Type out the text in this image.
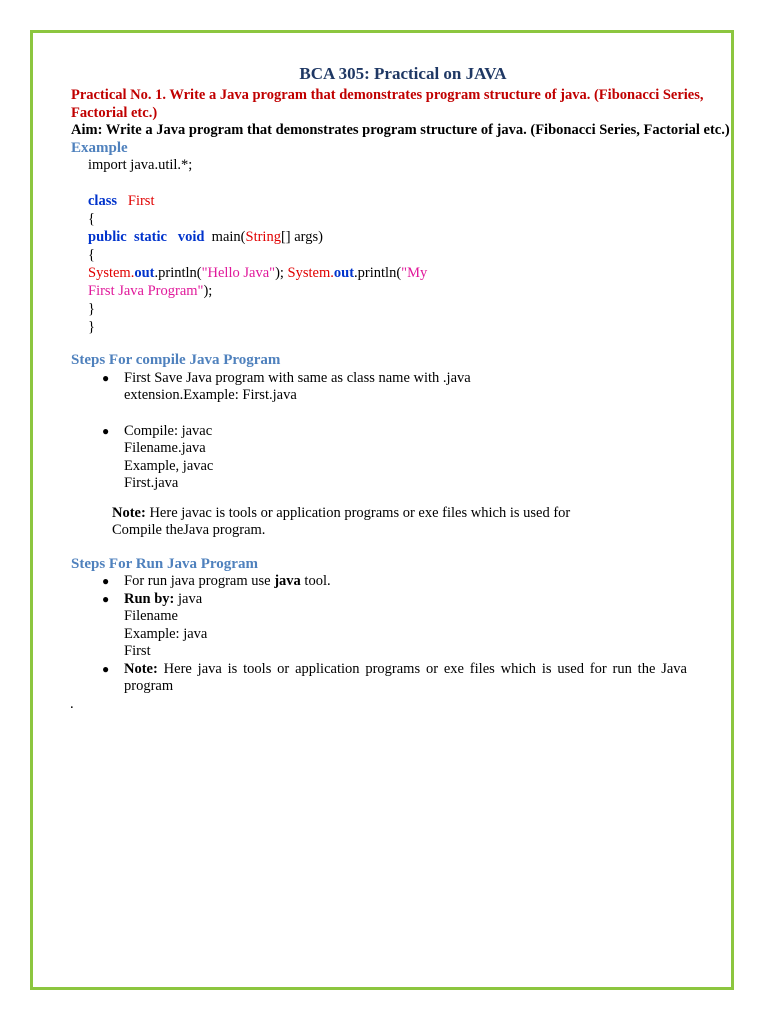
BCA 305: Practical on JAVA
Practical No. 1. Write a Java program that demonstrates program structure of java. (Fibonacci Series, Factorial etc.)
Aim: Write a Java program that demonstrates program structure of java. (Fibonacci Series, Factorial etc.)
Example
import java.util.*;
class First
{
public static void main(String[] args)
{
System.out.println("Hello Java"); System.out.println("My
First Java Program");
}
}
Steps For compile Java Program
● First Save Java program with same as class name with .java
extension.Example: First.java
● Compile: javac
Filename.java
Example, javac
First.java
Note: Here javac is tools or application programs or exe files which is used for
Compile theJava program.
Steps For Run Java Program
● For run java program use java tool.
● Run by: java
Filename
Example: java
First
● Note: Here java is tools or application programs or exe files which is used for run the Java program
.
